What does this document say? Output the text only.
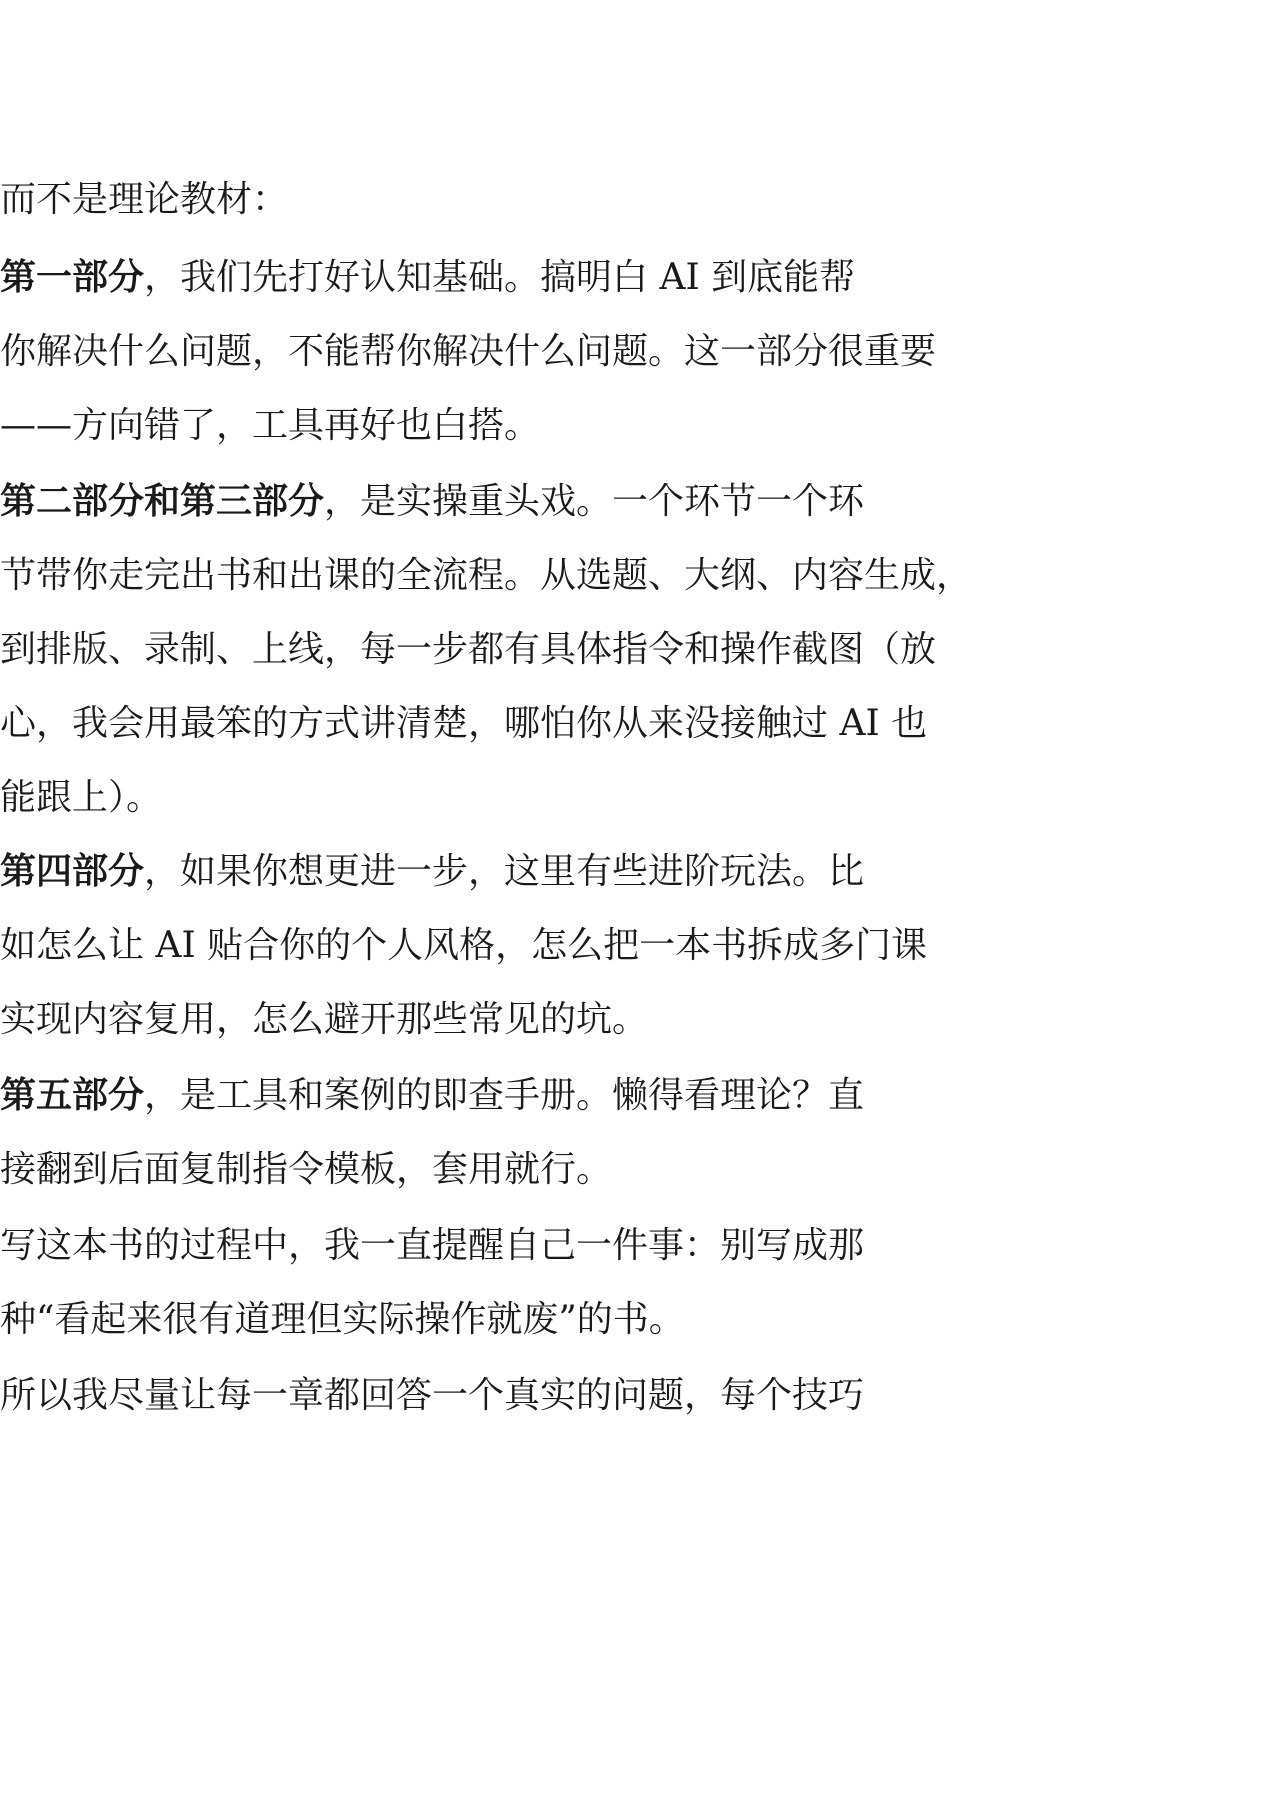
而不是理论教材：
第一部分，我们先打好认知基础。搞明白 AI 到底能帮
你解决什么问题，不能帮你解决什么问题。这一部分很重要
——方向错了，工具再好也白搭。
第二部分和第三部分，是实操重头戏。一个环节一个环
节带你走完出书和出课的全流程。从选题、大纲、内容生成，
到排版、录制、上线，每一步都有具体指令和操作截图（放
心，我会用最笨的方式讲清楚，哪怕你从来没接触过 AI 也
能跟上）。
第四部分，如果你想更进一步，这里有些进阶玩法。比
如怎么让 AI 贴合你的个人风格，怎么把一本书拆成多门课
实现内容复用，怎么避开那些常见的坑。
第五部分，是工具和案例的即查手册。懒得看理论？直
接翻到后面复制指令模板，套用就行。
写这本书的过程中，我一直提醒自己一件事：别写成那
种“看起来很有道理但实际操作就废”的书。
所以我尽量让每一章都回答一个真实的问题，每个技巧
